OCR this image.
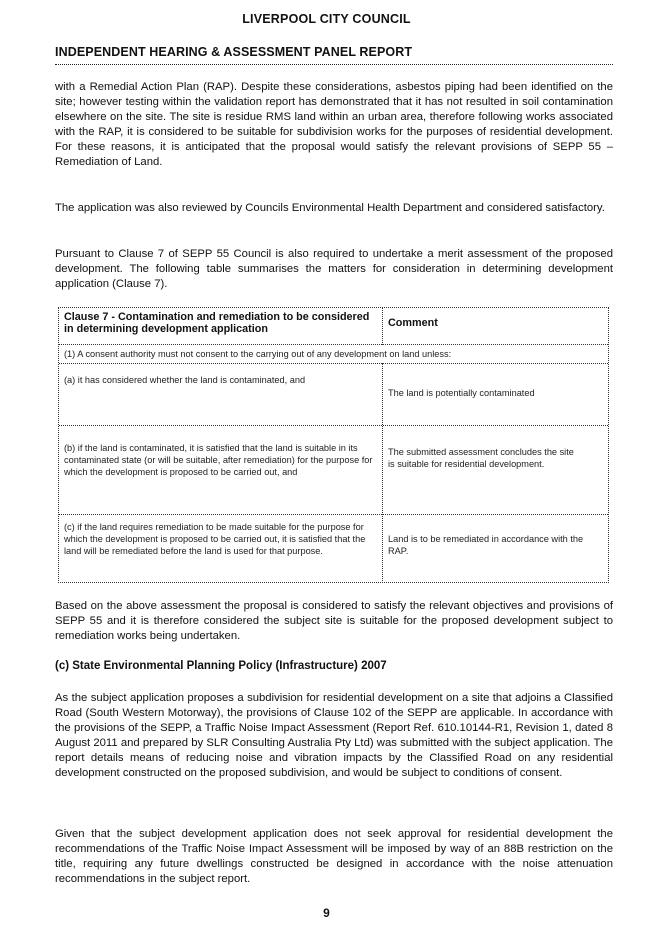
LIVERPOOL CITY COUNCIL
INDEPENDENT HEARING & ASSESSMENT PANEL REPORT

with a Remedial Action Plan (RAP). Despite these considerations, asbestos piping had been identified on the site; however testing within the validation report has demonstrated that it has not resulted in soil contamination elsewhere on the site. The site is residue RMS land within an urban area, therefore following works associated with the RAP, it is considered to be suitable for subdivision works for the purposes of residential development. For these reasons, it is anticipated that the proposal would satisfy the relevant provisions of SEPP 55 – Remediation of Land.

The application was also reviewed by Councils Environmental Health Department and considered satisfactory.

Pursuant to Clause 7 of SEPP 55 Council is also required to undertake a merit assessment of the proposed development. The following table summarises the matters for consideration in determining development application (Clause 7).

Clause 7 - Contamination and remediation to be considered in determining development application	Comment

(1) A consent authority must not consent to the carrying out of any development on land unless:

(a) it has considered whether the land is contaminated, and

The land is potentially contaminated

(b) if the land is contaminated, it is satisfied that the land is suitable in its contaminated state (or will be suitable, after remediation) for the purpose for which the development is proposed to be carried out, and

The submitted assessment concludes the site is suitable for residential development.

(c) if the land requires remediation to be made suitable for the purpose for which the development is proposed to be carried out, it is satisfied that the land will be remediated before the land is used for that purpose.

Land is to be remediated in accordance with the RAP.

Based on the above assessment the proposal is considered to satisfy the relevant objectives and provisions of SEPP 55 and it is therefore considered the subject site is suitable for the proposed development subject to remediation works being undertaken.

(c) State Environmental Planning Policy (Infrastructure) 2007

As the subject application proposes a subdivision for residential development on a site that adjoins a Classified Road (South Western Motorway), the provisions of Clause 102 of the SEPP are applicable. In accordance with the provisions of the SEPP, a Traffic Noise Impact Assessment (Report Ref. 610.10144-R1, Revision 1, dated 8 August 2011 and prepared by SLR Consulting Australia Pty Ltd) was submitted with the subject application. The report details means of reducing noise and vibration impacts by the Classified Road on any residential development constructed on the proposed subdivision, and would be subject to conditions of consent.

Given that the subject development application does not seek approval for residential development the recommendations of the Traffic Noise Impact Assessment will be imposed by way of an 88B restriction on the title, requiring any future dwellings constructed be designed in accordance with the noise attenuation recommendations in the subject report.

9
